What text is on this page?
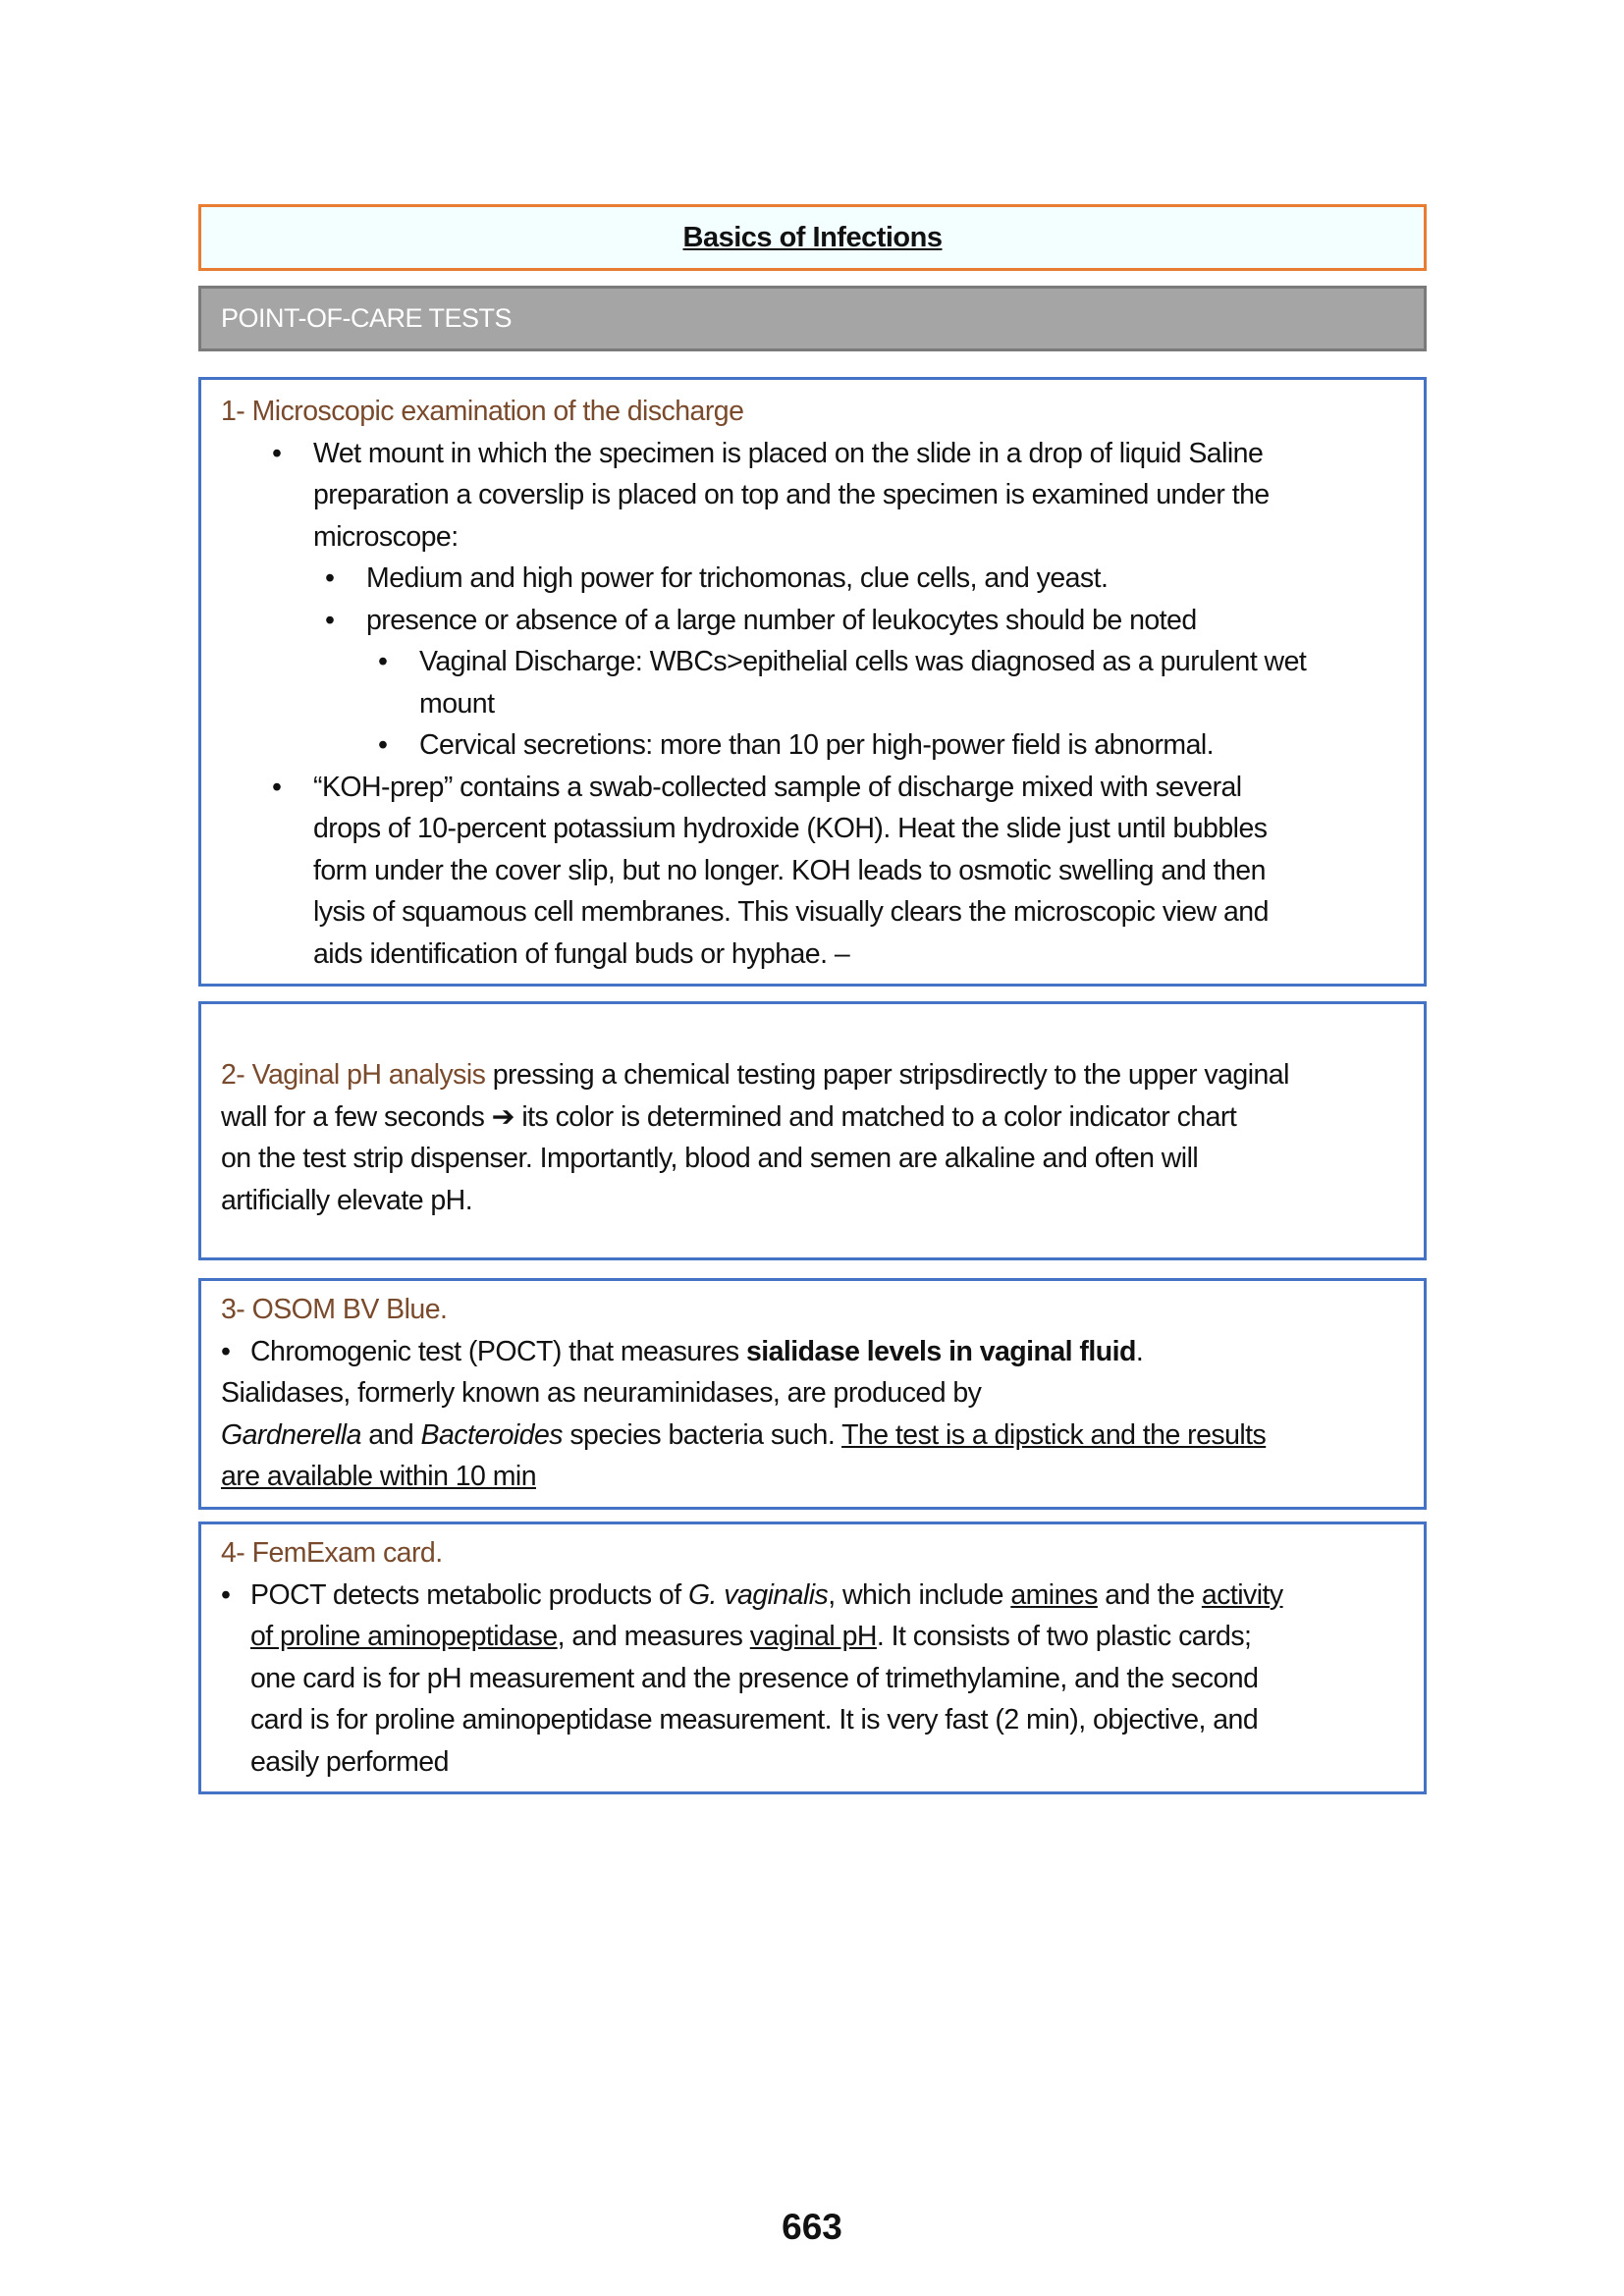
Basics of Infections
POINT-OF-CARE TESTS
1- Microscopic examination of the discharge
• Wet mount in which the specimen is placed on the slide in a drop of liquid Saline
preparation a coverslip is placed on top and the specimen is examined under the
microscope:
• Medium and high power for trichomonas, clue cells, and yeast.
• presence or absence of a large number of leukocytes should be noted
• Vaginal Discharge: WBCs>epithelial cells was diagnosed as a purulent wet
mount
• Cervical secretions: more than 10 per high-power field is abnormal.
• “KOH-prep” contains a swab-collected sample of discharge mixed with several
drops of 10-percent potassium hydroxide (KOH). Heat the slide just until bubbles
form under the cover slip, but no longer. KOH leads to osmotic swelling and then
lysis of squamous cell membranes. This visually clears the microscopic view and
aids identification of fungal buds or hyphae. –
2- Vaginal pH analysis pressing a chemical testing paper stripsdirectly to the upper vaginal
wall for a few seconds ➔ its color is determined and matched to a color indicator chart
on the test strip dispenser. Importantly, blood and semen are alkaline and often will
artificially elevate pH.
3- OSOM BV Blue.
• Chromogenic test (POCT) that measures sialidase levels in vaginal fluid.
Sialidases, formerly known as neuraminidases, are produced by
Gardnerella and Bacteroides species bacteria such. The test is a dipstick and the results
are available within 10 min
4- FemExam card.
• POCT detects metabolic products of G. vaginalis, which include amines and the activity
of proline aminopeptidase, and measures vaginal pH. It consists of two plastic cards;
one card is for pH measurement and the presence of trimethylamine, and the second
card is for proline aminopeptidase measurement. It is very fast (2 min), objective, and
easily performed
663
